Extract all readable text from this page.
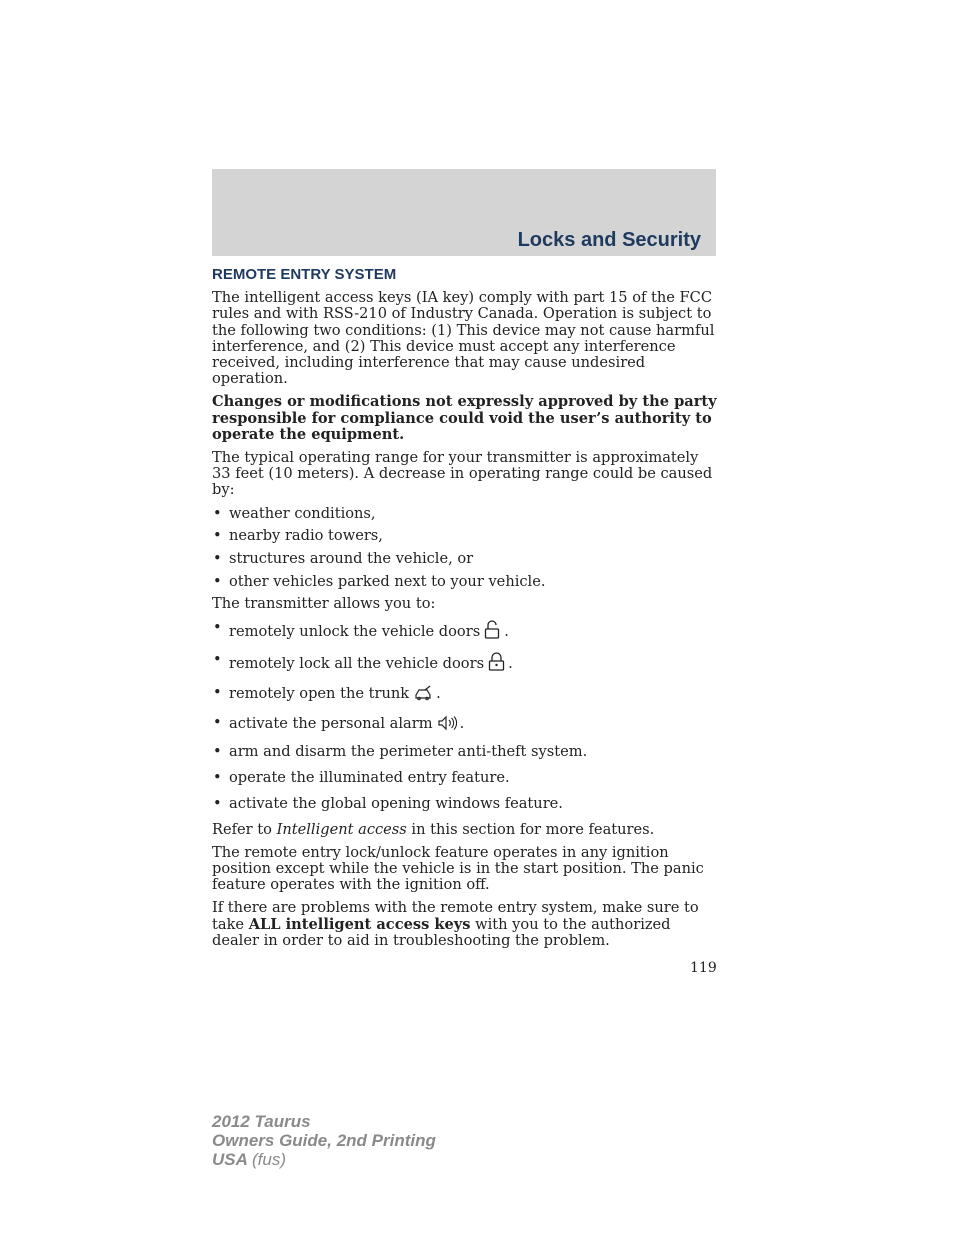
Locks and Security
REMOTE ENTRY SYSTEM

The intelligent access keys (IA key) comply with part 15 of the FCC rules and with RSS-210 of Industry Canada. Operation is subject to the following two conditions: (1) This device may not cause harmful interference, and (2) This device must accept any interference received, including interference that may cause undesired operation.

Changes or modifications not expressly approved by the party responsible for compliance could void the user’s authority to operate the equipment.

The typical operating range for your transmitter is approximately 33 feet (10 meters). A decrease in operating range could be caused by:

• weather conditions,
• nearby radio towers,
• structures around the vehicle, or
• other vehicles parked next to your vehicle.

The transmitter allows you to:

• remotely unlock the vehicle doors .
• remotely lock all the vehicle doors .
• remotely open the trunk .
• activate the personal alarm .
• arm and disarm the perimeter anti-theft system.
• operate the illuminated entry feature.
• activate the global opening windows feature.

Refer to Intelligent access in this section for more features.

The remote entry lock/unlock feature operates in any ignition position except while the vehicle is in the start position. The panic feature operates with the ignition off.

If there are problems with the remote entry system, make sure to take ALL intelligent access keys with you to the authorized dealer in order to aid in troubleshooting the problem.

119
2012 Taurus
Owners Guide, 2nd Printing
USA (fus)
